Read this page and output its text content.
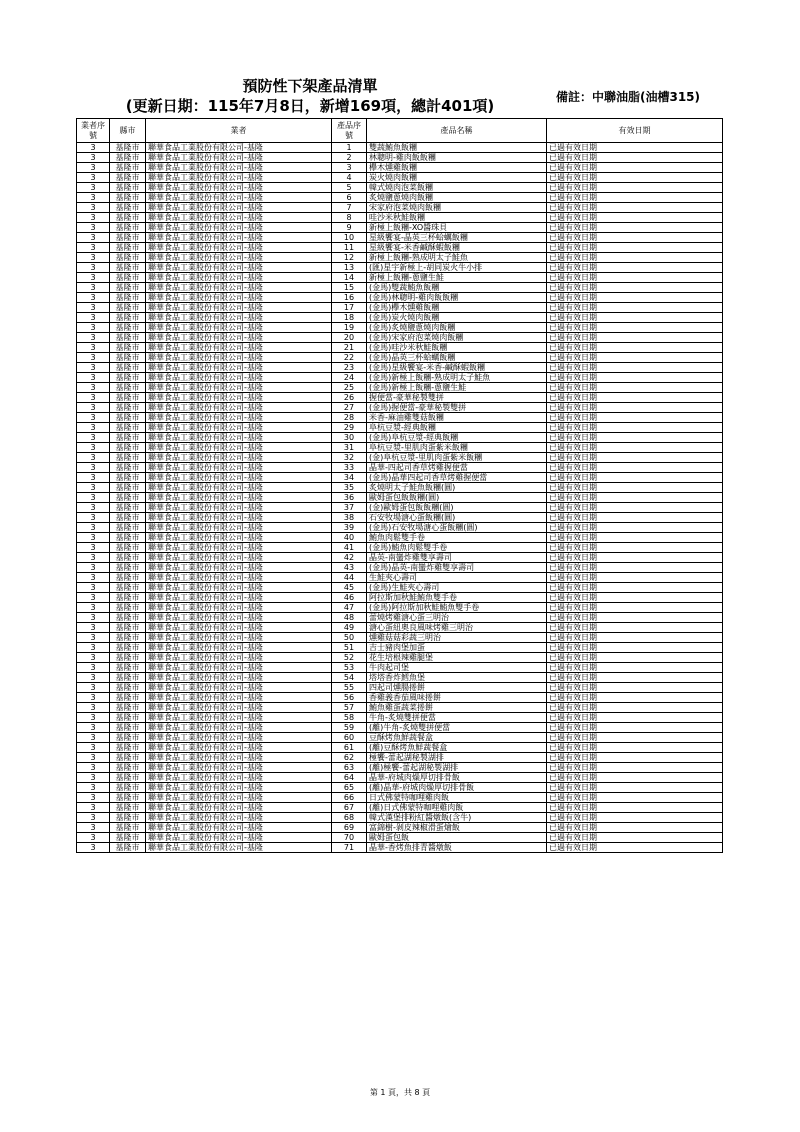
預防性下架產品清單
(更新日期：115年7月8日，新增169項，總計401項)	備註：中聯油脂(油槽315)
業者序號	縣市	業者	產品序號	產品名稱	有效日期
3	基隆市	聯華食品工業股份有限公司-基隆	1	雙蔬鮪魚飯糰	已過有效日期
3	基隆市	聯華食品工業股份有限公司-基隆	2	林聰明-雞肉飯飯糰	已過有效日期
3	基隆市	聯華食品工業股份有限公司-基隆	3	欅木燻雞飯糰	已過有效日期
3	基隆市	聯華食品工業股份有限公司-基隆	4	炭火燒肉飯糰	已過有效日期
3	基隆市	聯華食品工業股份有限公司-基隆	5	韓式燒肉泡菜飯糰	已過有效日期
3	基隆市	聯華食品工業股份有限公司-基隆	6	炙燒鹽蔥燒肉飯糰	已過有效日期
3	基隆市	聯華食品工業股份有限公司-基隆	7	宋家府泡菜燒肉飯糰	已過有效日期
3	基隆市	聯華食品工業股份有限公司-基隆	8	哇沙米秋鮭飯糰	已過有效日期
3	基隆市	聯華食品工業股份有限公司-基隆	9	新極上飯糰-XO醬珠貝	已過有效日期
3	基隆市	聯華食品工業股份有限公司-基隆	10	星級饗宴-晶英三杯蛤蠣飯糰	已過有效日期
3	基隆市	聯華食品工業股份有限公司-基隆	11	星級饗宴-米香鹹酥蝦飯糰	已過有效日期
3	基隆市	聯華食品工業股份有限公司-基隆	12	新極上飯糰-熟成明太子鮭魚	已過有效日期
3	基隆市	聯華食品工業股份有限公司-基隆	13	(匯)星宇新極上-胡同炭火牛小排	已過有效日期
3	基隆市	聯華食品工業股份有限公司-基隆	14	新極上飯糰-蔥鹽生鮭	已過有效日期
3	基隆市	聯華食品工業股份有限公司-基隆	15	(金馬)雙蔬鮪魚飯糰	已過有效日期
3	基隆市	聯華食品工業股份有限公司-基隆	16	(金馬)林聰明-雞肉飯飯糰	已過有效日期
3	基隆市	聯華食品工業股份有限公司-基隆	17	(金馬)欅木燻雞飯糰	已過有效日期
3	基隆市	聯華食品工業股份有限公司-基隆	18	(金馬)炭火燒肉飯糰	已過有效日期
3	基隆市	聯華食品工業股份有限公司-基隆	19	(金馬)炙燒鹽蔥燒肉飯糰	已過有效日期
3	基隆市	聯華食品工業股份有限公司-基隆	20	(金馬)宋家府泡菜燒肉飯糰	已過有效日期
3	基隆市	聯華食品工業股份有限公司-基隆	21	(金馬)哇沙米秋鮭飯糰	已過有效日期
3	基隆市	聯華食品工業股份有限公司-基隆	22	(金馬)晶英三杯蛤蠣飯糰	已過有效日期
3	基隆市	聯華食品工業股份有限公司-基隆	23	(金馬)星級饗宴-米香-鹹酥蝦飯糰	已過有效日期
3	基隆市	聯華食品工業股份有限公司-基隆	24	(金馬)新極上飯糰-熟成明太子鮭魚	已過有效日期
3	基隆市	聯華食品工業股份有限公司-基隆	25	(金馬)新極上飯糰-蔥鹽生鮭	已過有效日期
3	基隆市	聯華食品工業股份有限公司-基隆	26	握便當-豪華秘製雙拼	已過有效日期
3	基隆市	聯華食品工業股份有限公司-基隆	27	(金馬)握便當-豪華秘製雙拼	已過有效日期
3	基隆市	聯華食品工業股份有限公司-基隆	28	米香-麻油雞雙菇飯糰	已過有效日期
3	基隆市	聯華食品工業股份有限公司-基隆	29	阜杭豆漿-經典飯糰	已過有效日期
3	基隆市	聯華食品工業股份有限公司-基隆	30	(金馬)阜杭豆漿-經典飯糰	已過有效日期
3	基隆市	聯華食品工業股份有限公司-基隆	31	阜杭豆漿-里肌肉蛋紫米飯糰	已過有效日期
3	基隆市	聯華食品工業股份有限公司-基隆	32	(金)阜杭豆漿-里肌肉蛋紫米飯糰	已過有效日期
3	基隆市	聯華食品工業股份有限公司-基隆	33	晶華-四起司香草烤雞握便當	已過有效日期
3	基隆市	聯華食品工業股份有限公司-基隆	34	(金馬)晶華四起司香草烤雞握便當	已過有效日期
3	基隆市	聯華食品工業股份有限公司-基隆	35	炙燒明太子鮭魚飯糰(圓)	已過有效日期
3	基隆市	聯華食品工業股份有限公司-基隆	36	歐姆蛋包飯飯糰(圓)	已過有效日期
3	基隆市	聯華食品工業股份有限公司-基隆	37	(金)歐姆蛋包飯飯糰(圓)	已過有效日期
3	基隆市	聯華食品工業股份有限公司-基隆	38	石安牧場溏心蛋飯糰(圓)	已過有效日期
3	基隆市	聯華食品工業股份有限公司-基隆	39	(金馬)石安牧場溏心蛋飯糰(圓)	已過有效日期
3	基隆市	聯華食品工業股份有限公司-基隆	40	鮪魚肉鬆雙手卷	已過有效日期
3	基隆市	聯華食品工業股份有限公司-基隆	41	(金馬)鮪魚肉鬆雙手卷	已過有效日期
3	基隆市	聯華食品工業股份有限公司-基隆	42	晶英-南蠻炸雞雙享壽司	已過有效日期
3	基隆市	聯華食品工業股份有限公司-基隆	43	(金馬)晶英-南蠻炸雞雙享壽司	已過有效日期
3	基隆市	聯華食品工業股份有限公司-基隆	44	生鮭夾心壽司	已過有效日期
3	基隆市	聯華食品工業股份有限公司-基隆	45	(金馬)生鮭夾心壽司	已過有效日期
3	基隆市	聯華食品工業股份有限公司-基隆	46	阿拉斯加秋鮭鮪魚雙手卷	已過有效日期
3	基隆市	聯華食品工業股份有限公司-基隆	47	(金馬)阿拉斯加秋鮭鮪魚雙手卷	已過有效日期
3	基隆市	聯華食品工業股份有限公司-基隆	48	蕾燒烤雞溏心蛋三明治	已過有效日期
3	基隆市	聯華食品工業股份有限公司-基隆	49	溏心蛋紐奧良風味烤雞三明治	已過有效日期
3	基隆市	聯華食品工業股份有限公司-基隆	50	燻雞菇菇彩蔬三明治	已過有效日期
3	基隆市	聯華食品工業股份有限公司-基隆	51	吉士豬肉堡加蛋	已過有效日期
3	基隆市	聯華食品工業股份有限公司-基隆	52	花生培根辣雞腿堡	已過有效日期
3	基隆市	聯華食品工業股份有限公司-基隆	53	牛肉起司堡	已過有效日期
3	基隆市	聯華食品工業股份有限公司-基隆	54	塔塔香炸鱈魚堡	已過有效日期
3	基隆市	聯華食品工業股份有限公司-基隆	55	四起司燻腸捲餅	已過有效日期
3	基隆市	聯華食品工業股份有限公司-基隆	56	香雞義香茄風味捲餅	已過有效日期
3	基隆市	聯華食品工業股份有限公司-基隆	57	鮪魚雞蛋蔬菜捲餅	已過有效日期
3	基隆市	聯華食品工業股份有限公司-基隆	58	牛角-炙燒雙拼便當	已過有效日期
3	基隆市	聯華食品工業股份有限公司-基隆	59	(離)牛角-炙燒雙拼便當	已過有效日期
3	基隆市	聯華食品工業股份有限公司-基隆	60	豆酥烤魚鮮蔬餐盒	已過有效日期
3	基隆市	聯華食品工業股份有限公司-基隆	61	(離)豆酥烤魚鮮蔬餐盒	已過有效日期
3	基隆市	聯華食品工業股份有限公司-基隆	62	極饗-蕾起湖秘製湖排	已過有效日期
3	基隆市	聯華食品工業股份有限公司-基隆	63	(離)極饗-蕾起湖秘製湖排	已過有效日期
3	基隆市	聯華食品工業股份有限公司-基隆	64	晶華-府城肉燥厚切排骨飯	已過有效日期
3	基隆市	聯華食品工業股份有限公司-基隆	65	(離)晶華-府城肉燥厚切排骨飯	已過有效日期
3	基隆市	聯華食品工業股份有限公司-基隆	66	日式佛蒙特咖哩雞肉飯	已過有效日期
3	基隆市	聯華食品工業股份有限公司-基隆	67	(離)日式佛蒙特咖哩雞肉飯	已過有效日期
3	基隆市	聯華食品工業股份有限公司-基隆	68	韓式漢堡排粉紅醬燉飯(含牛)	已過有效日期
3	基隆市	聯華食品工業股份有限公司-基隆	69	富錦樹-剝皮辣椒滑蛋燴飯	已過有效日期
3	基隆市	聯華食品工業股份有限公司-基隆	70	歐姆蛋包飯	已過有效日期
3	基隆市	聯華食品工業股份有限公司-基隆	71	晶華-香烤魚排青醬燉飯	已過有效日期
第 1 頁，共 8 頁
